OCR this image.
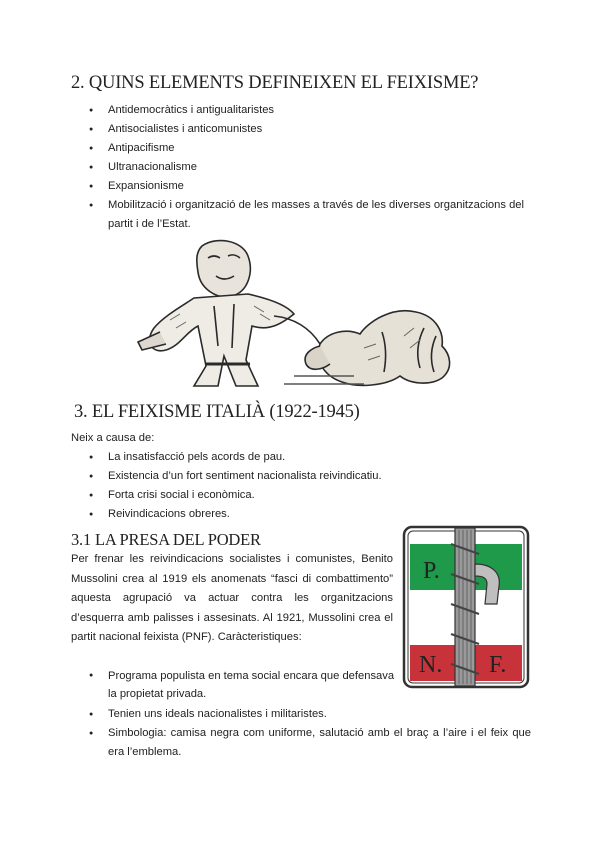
2. QUINS ELEMENTS DEFINEIXEN EL FEIXISME?
● Antidemocràtics i antigualitaristes
● Antisocialistes i anticomunistes
● Antipacifisme
● Ultranacionalisme
● Expansionisme
● Mobilització i organització de les masses a través de les diverses organitzacions del partit i de l’Estat.
3. EL FEIXISME ITALIÀ (1922-1945)

Neix a causa de:

● La insatisfacció pels acords de pau.
● Existencia d’un fort sentiment nacionalista reivindicatiu.
● Forta crisi social i econòmica.
● Reivindicacions obreres.
3.1 LA PRESA DEL PODER

Per frenar les reivindicacions socialistes i comunistes, Benito Mussolini crea al 1919 els anomenats “fasci di combattimento” aquesta agrupació va actuar contra les organitzacions d’esquerra amb palisses i assesinats. Al 1921, Mussolini crea el partit nacional feixista (PNF). Caràcteristiques:

● Programa populista en tema social encara que defensava la propietat privada.
● Tenien uns ideals nacionalistes i militaristes.
● Simbologia: camisa negra com uniforme, salutació amb el braç a l’aire i el feix que era l’emblema.
P.
N. F.
